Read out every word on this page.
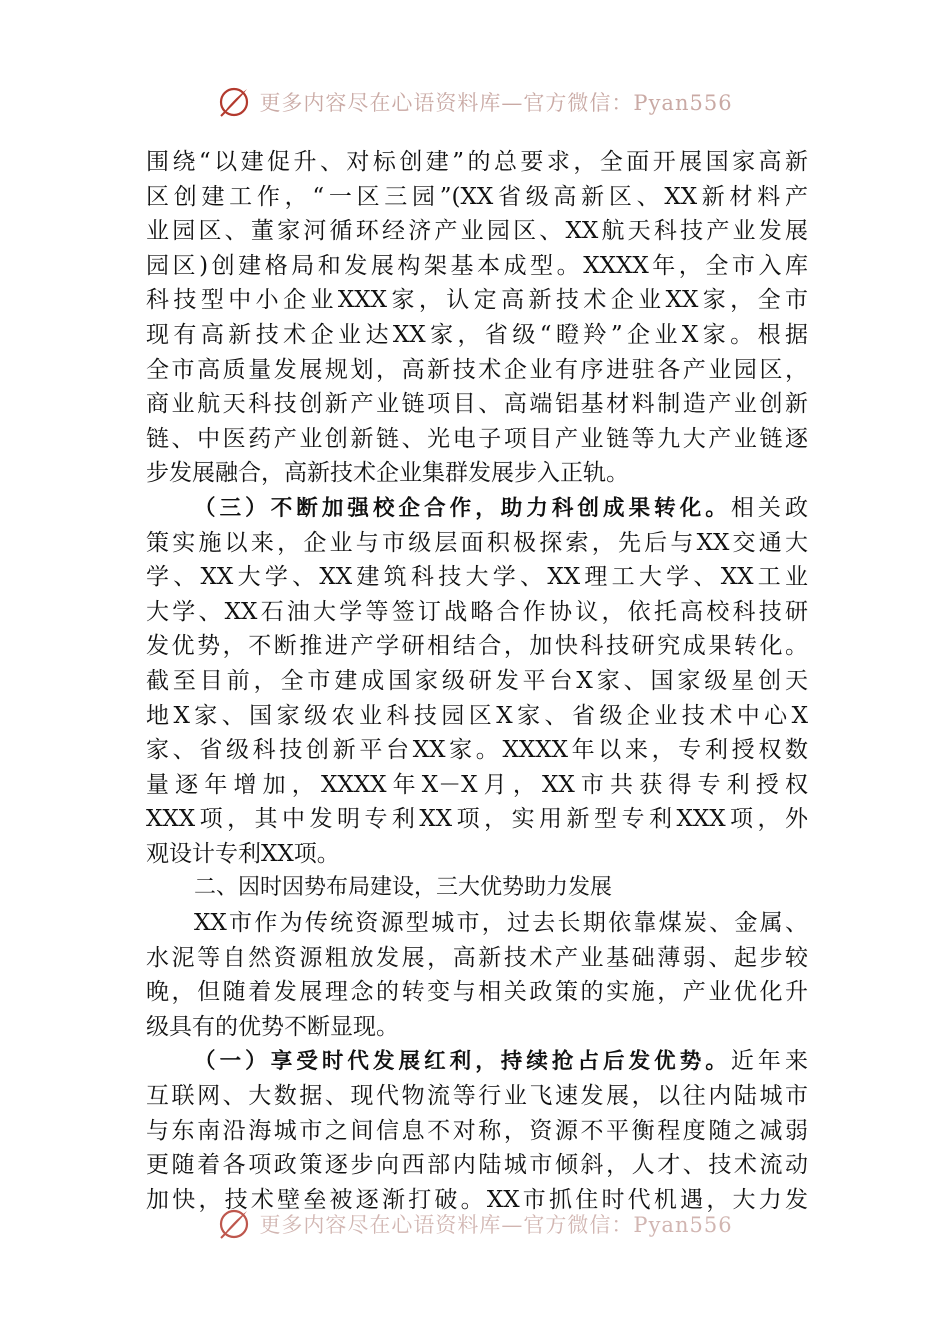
更多内容尽在心语资料库—官方微信：Pyan556
围绕“以建促升、对标创建”的总要求，全面开展国家高新
区创建工作，“一区三园”(XX省级高新区、XX新材料产
业园区、董家河循环经济产业园区、XX航天科技产业发展
园区)创建格局和发展构架基本成型。XXXX年，全市入库
科技型中小企业XXX家，认定高新技术企业XX家，全市
现有高新技术企业达XX家，省级“瞪羚”企业X家。根据
全市高质量发展规划，高新技术企业有序进驻各产业园区，
商业航天科技创新产业链项目、高端铝基材料制造产业创新
链、中医药产业创新链、光电子项目产业链等九大产业链逐
步发展融合，高新技术企业集群发展步入正轨。
（三）不断加强校企合作，助力科创成果转化。相关政
策实施以来，企业与市级层面积极探索，先后与XX交通大
学、XX大学、XX建筑科技大学、XX理工大学、XX工业
大学、XX石油大学等签订战略合作协议，依托高校科技研
发优势，不断推进产学研相结合，加快科技研究成果转化。
截至目前，全市建成国家级研发平台X家、国家级星创天
地X家、国家级农业科技园区X家、省级企业技术中心X
家、省级科技创新平台XX家。XXXX年以来，专利授权数
量逐年增加，XXXX年X－X月，XX市共获得专利授权
XXX项，其中发明专利XX项，实用新型专利XXX项，外
观设计专利XX项。
二、因时因势布局建设，三大优势助力发展
XX市作为传统资源型城市，过去长期依靠煤炭、金属、
水泥等自然资源粗放发展，高新技术产业基础薄弱、起步较
晚，但随着发展理念的转变与相关政策的实施，产业优化升
级具有的优势不断显现。
（一）享受时代发展红利，持续抢占后发优势。近年来
互联网、大数据、现代物流等行业飞速发展，以往内陆城市
与东南沿海城市之间信息不对称，资源不平衡程度随之减弱
更随着各项政策逐步向西部内陆城市倾斜，人才、技术流动
加快，技术壁垒被逐渐打破。XX市抓住时代机遇，大力发
更多内容尽在心语资料库—官方微信：Pyan556
